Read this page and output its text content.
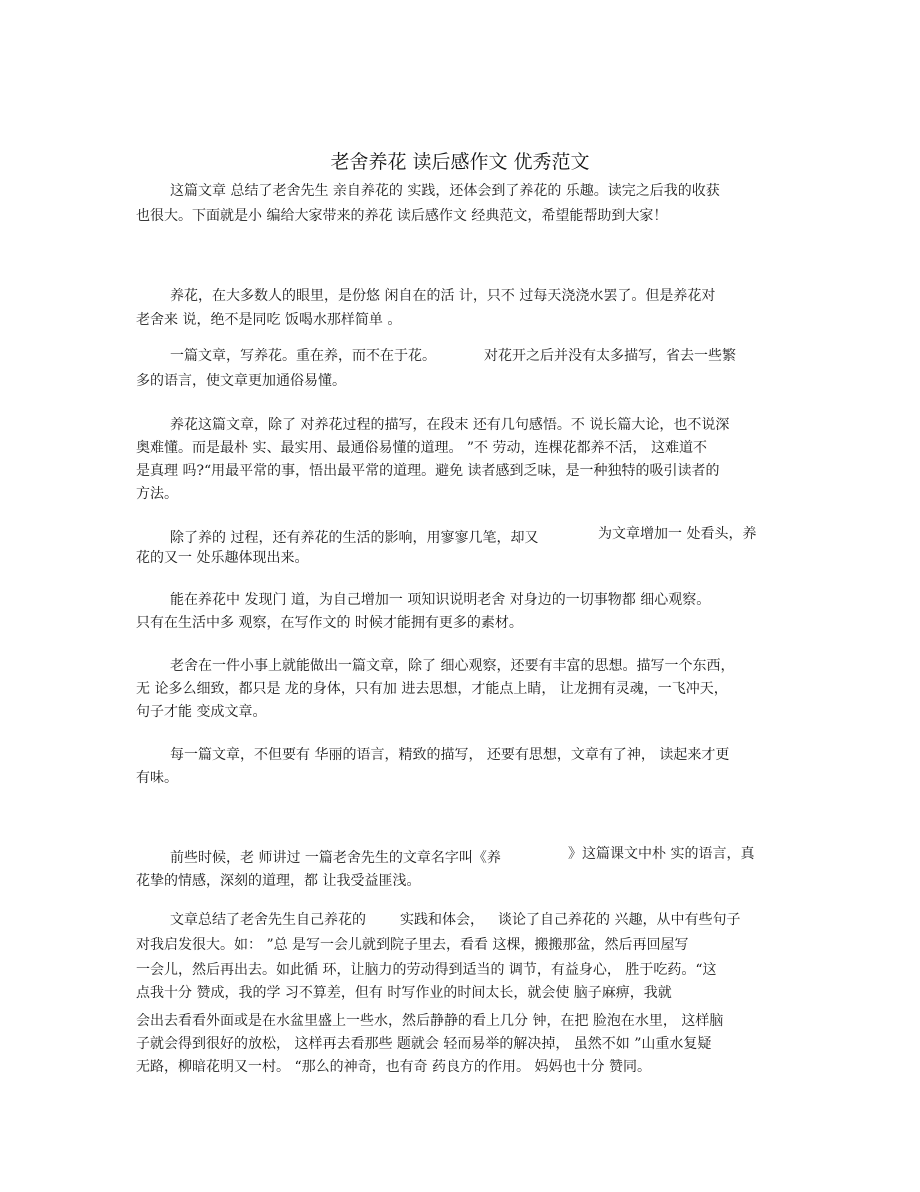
老舍养花 读后感作文 优秀范文
这篇文章 总结了老舍先生 亲自养花的 实践，还体会到了养花的 乐趣。读完之后我的收获
也很大。下面就是小 编给大家带来的养花 读后感作文 经典范文，希望能帮助到大家！
养花，在大多数人的眼里，是份悠 闲自在的活 计，只不 过每天浇浇水罢了。但是养花对
老舍来 说，绝不是同吃 饭喝水那样简单 。
一篇文章，写养花。重在养，而不在于花。	对花开之后并没有太多描写，省去一些繁
多的语言，使文章更加通俗易懂。
养花这篇文章，除了 对养花过程的描写，在段末 还有几句感悟。不 说长篇大论，也不说深
奥难懂。而是最朴 实、最实用、最通俗易懂的道理。 ”不 劳动，连棵花都养不活， 这难道不
是真理 吗?“用最平常的事，悟出最平常的道理。避免 读者感到乏味，是一种独特的吸引读者的
方法。
除了养的 过程，还有养花的生活的影响，用寥寥几笔，却又	为文章增加一 处看头，养
花的又一 处乐趣体现出来。
能在养花中 发现门 道，为自己增加一 项知识说明老舍 对身边的一切事物都 细心观察。
只有在生活中多 观察，在写作文的 时候才能拥有更多的素材。
老舍在一件小事上就能做出一篇文章，除了 细心观察，还要有丰富的思想。描写一个东西，
无 论多么细致，都只是 龙的身体，只有加 进去思想，才能点上睛， 让龙拥有灵魂，一飞冲天，
句子才能 变成文章。
每一篇文章，不但要有 华丽的语言，精致的描写， 还要有思想，文章有了神， 读起来才更
有味。
前些时候，老 师讲过 一篇老舍先生的文章名字叫《养	》这篇课文中朴 实的语言，真
花挚的情感，深刻的道理，都 让我受益匪浅。
文章总结了老舍先生自己养花的 实践和体会， 谈论了自己养花的 兴趣，从中有些句子
对我启发很大。如： ”总 是写一会儿就到院子里去，看看 这棵，搬搬那盆，然后再回屋写
一会儿，然后再出去。如此循 环，让脑力的劳动得到适当的 调节，有益身心， 胜于吃药。“这
点我十分 赞成，我的学 习不算差，但有 时写作业的时间太长，就会使 脑子麻痹，我就
会出去看看外面或是在水盆里盛上一些水，然后静静的看上几分 钟，在把 脸泡在水里， 这样脑
子就会得到很好的放松， 这样再去看那些 题就会 轻而易举的解决掉， 虽然不如 ”山重水复疑
无路，柳暗花明又一村。 “那么的神奇，也有奇 药良方的作用。 妈妈也十分 赞同。
